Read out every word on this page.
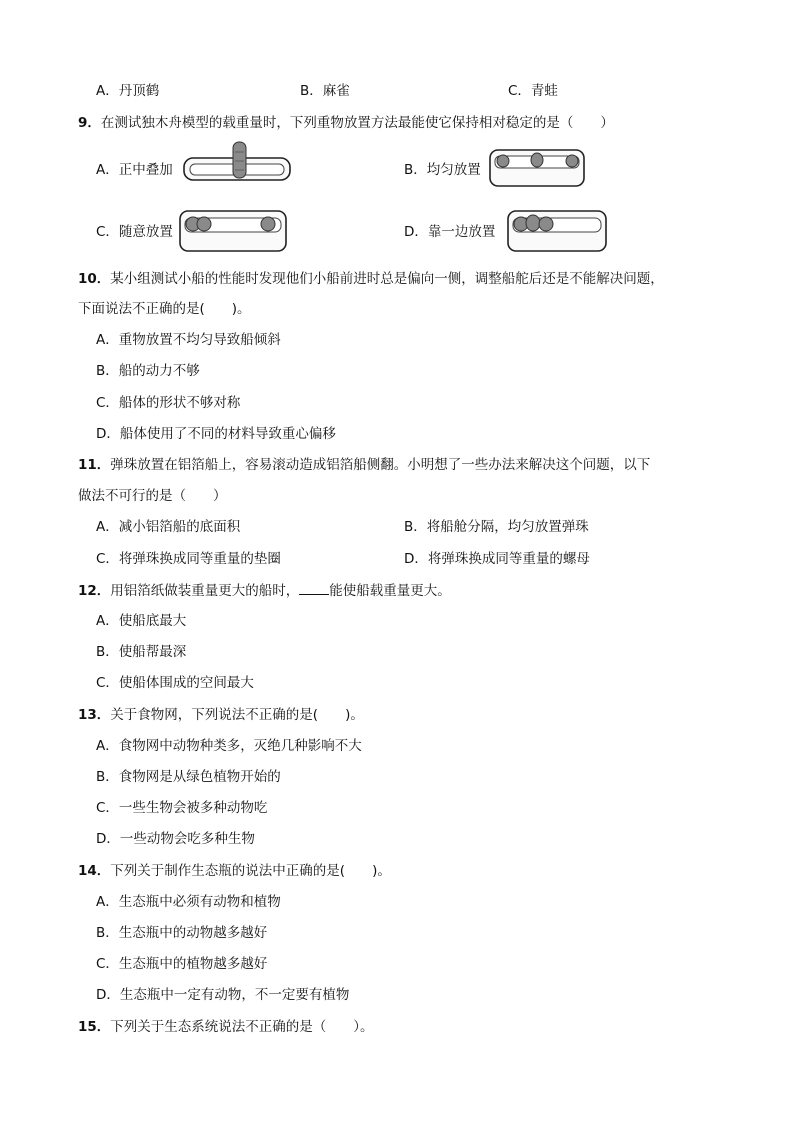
A．丹顶鹤	B．麻雀	C．青蛙
9．在测试独木舟模型的载重量时，下列重物放置方法最能使它保持相对稳定的是（　　）
A．正中叠加	B．均匀放置
C．随意放置	D．靠一边放置
10．某小组测试小船的性能时发现他们小船前进时总是偏向一侧，调整船舵后还是不能解决问题，
下面说法不正确的是(　　)。
A．重物放置不均匀导致船倾斜
B．船的动力不够
C．船体的形状不够对称
D．船体使用了不同的材料导致重心偏移
11．弹珠放置在铝箔船上，容易滚动造成铝箔船侧翻。小明想了一些办法来解决这个问题，以下
做法不可行的是（　　）
A．减小铝箔船的底面积	B．将船舱分隔，均匀放置弹珠
C．将弹珠换成同等重量的垫圈	D．将弹珠换成同等重量的螺母
12．用铝箔纸做装重量更大的船时， 能使船载重量更大。
A．使船底最大
B．使船帮最深
C．使船体围成的空间最大
13．关于食物网，下列说法不正确的是(　　)。
A．食物网中动物种类多，灭绝几种影响不大
B．食物网是从绿色植物开始的
C．一些生物会被多种动物吃
D．一些动物会吃多种生物
14．下列关于制作生态瓶的说法中正确的是(　　)。
A．生态瓶中必须有动物和植物
B．生态瓶中的动物越多越好
C．生态瓶中的植物越多越好
D．生态瓶中一定有动物，不一定要有植物
15．下列关于生态系统说法不正确的是（　　）。
